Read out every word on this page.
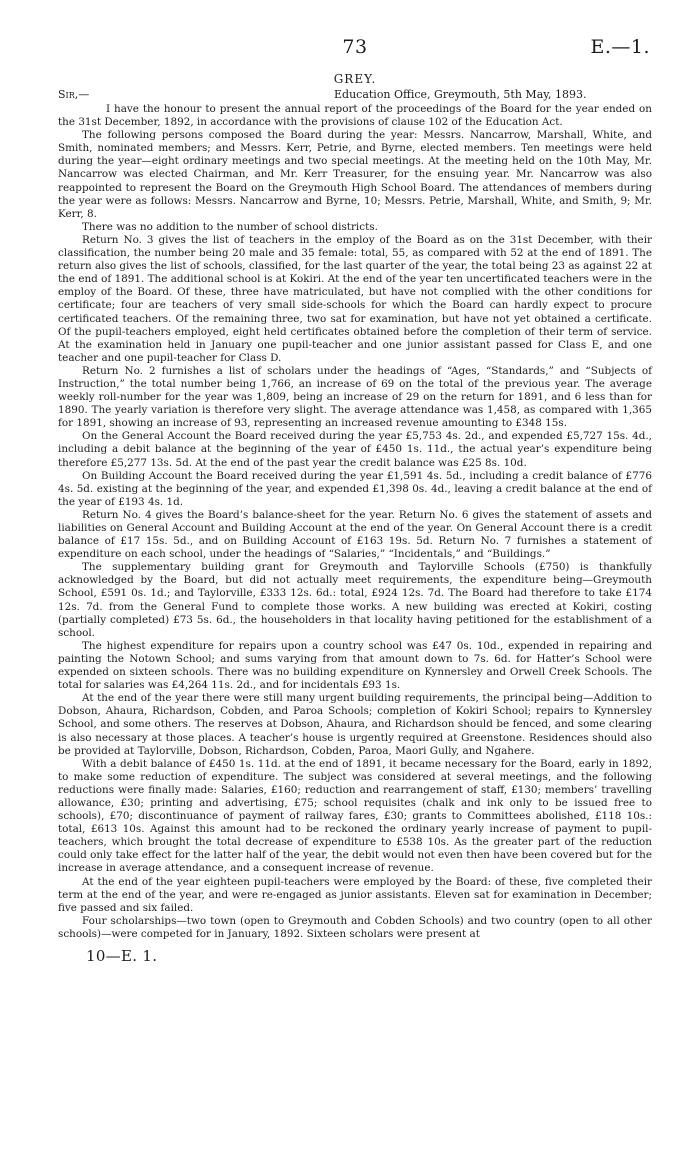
73	E.—1.
GREY.
Sir,—	Education Office, Greymouth, 5th May, 1893.

I have the honour to present the annual report of the proceedings of the Board for the year ended on the 31st December, 1892, in accordance with the provisions of clause 102 of the Education Act.

The following persons composed the Board during the year: Messrs. Nancarrow, Marshall, White, and Smith, nominated members; and Messrs. Kerr, Petrie, and Byrne, elected members. Ten meetings were held during the year—eight ordinary meetings and two special meetings. At the meeting held on the 10th May, Mr. Nancarrow was elected Chairman, and Mr. Kerr Treasurer, for the ensuing year. Mr. Nancarrow was also reappointed to represent the Board on the Greymouth High School Board. The attendances of members during the year were as follows: Messrs. Nancarrow and Byrne, 10; Messrs. Petrie, Marshall, White, and Smith, 9; Mr. Kerr, 8.

There was no addition to the number of school districts.

Return No. 3 gives the list of teachers in the employ of the Board as on the 31st December, with their classification, the number being 20 male and 35 female: total, 55, as compared with 52 at the end of 1891. The return also gives the list of schools, classified, for the last quarter of the year, the total being 23 as against 22 at the end of 1891. The additional school is at Kokiri. At the end of the year ten uncertificated teachers were in the employ of the Board. Of these, three have matriculated, but have not complied with the other conditions for certificate; four are teachers of very small side-schools for which the Board can hardly expect to procure certificated teachers. Of the remaining three, two sat for examination, but have not yet obtained a certificate. Of the pupil-teachers employed, eight held certificates obtained before the completion of their term of service. At the examination held in January one pupil-teacher and one junior assistant passed for Class E, and one teacher and one pupil-teacher for Class D.

Return No. 2 furnishes a list of scholars under the headings of “Ages, “Standards,” and “Subjects of Instruction,” the total number being 1,766, an increase of 69 on the total of the previous year. The average weekly roll-number for the year was 1,809, being an increase of 29 on the return for 1891, and 6 less than for 1890. The yearly variation is therefore very slight. The average attendance was 1,458, as compared with 1,365 for 1891, showing an increase of 93, representing an increased revenue amounting to £348 15s.

On the General Account the Board received during the year £5,753 4s. 2d., and expended £5,727 15s. 4d., including a debit balance at the beginning of the year of £450 1s. 11d., the actual year’s expenditure being therefore £5,277 13s. 5d. At the end of the past year the credit balance was £25 8s. 10d.

On Building Account the Board received during the year £1,591 4s. 5d., including a credit balance of £776 4s. 5d. existing at the beginning of the year, and expended £1,398 0s. 4d., leaving a credit balance at the end of the year of £193 4s. 1d.

Return No. 4 gives the Board’s balance-sheet for the year. Return No. 6 gives the statement of assets and liabilities on General Account and Building Account at the end of the year. On General Account there is a credit balance of £17 15s. 5d., and on Building Account of £163 19s. 5d. Return No. 7 furnishes a statement of expenditure on each school, under the headings of “Salaries,” “Incidentals,” and “Buildings.”

The supplementary building grant for Greymouth and Taylorville Schools (£750) is thankfully acknowledged by the Board, but did not actually meet requirements, the expenditure being—Greymouth School, £591 0s. 1d.; and Taylorville, £333 12s. 6d.: total, £924 12s. 7d. The Board had therefore to take £174 12s. 7d. from the General Fund to complete those works. A new building was erected at Kokiri, costing (partially completed) £73 5s. 6d., the householders in that locality having petitioned for the establishment of a school.

The highest expenditure for repairs upon a country school was £47 0s. 10d., expended in repairing and painting the Notown School; and sums varying from that amount down to 7s. 6d. for Hatter’s School were expended on sixteen schools. There was no building expenditure on Kynnersley and Orwell Creek Schools. The total for salaries was £4,264 11s. 2d., and for incidentals £93 1s.

At the end of the year there were still many urgent building requirements, the principal being—Addition to Dobson, Ahaura, Richardson, Cobden, and Paroa Schools; completion of Kokiri School; repairs to Kynnersley School, and some others. The reserves at Dobson, Ahaura, and Richardson should be fenced, and some clearing is also necessary at those places. A teacher’s house is urgently required at Greenstone. Residences should also be provided at Taylorville, Dobson, Richardson, Cobden, Paroa, Maori Gully, and Ngahere.

With a debit balance of £450 1s. 11d. at the end of 1891, it became necessary for the Board, early in 1892, to make some reduction of expenditure. The subject was considered at several meetings, and the following reductions were finally made: Salaries, £160; reduction and rearrangement of staff, £130; members’ travelling allowance, £30; printing and advertising, £75; school requisites (chalk and ink only to be issued free to schools), £70; discontinuance of payment of railway fares, £30; grants to Committees abolished, £118 10s.: total, £613 10s. Against this amount had to be reckoned the ordinary yearly increase of payment to pupil-teachers, which brought the total decrease of expenditure to £538 10s. As the greater part of the reduction could only take effect for the latter half of the year, the debit would not even then have been covered but for the increase in average attendance, and a consequent increase of revenue.

At the end of the year eighteen pupil-teachers were employed by the Board: of these, five completed their term at the end of the year, and were re-engaged as junior assistants. Eleven sat for examination in December; five passed and six failed.

Four scholarships—two town (open to Greymouth and Cobden Schools) and two country (open to all other schools)—were competed for in January, 1892. Sixteen scholars were present at

10—E. 1.
